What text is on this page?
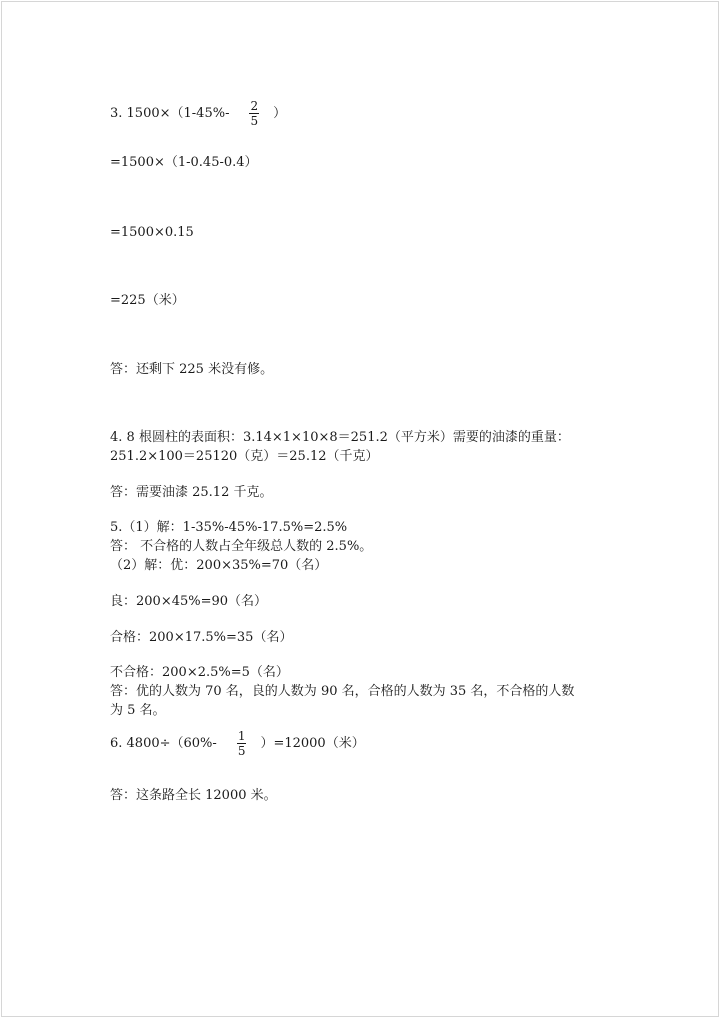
3. $1500\times(1-45\%- \frac{2}{5}$ ）
=1500×（1-0.45-0.4）
=1500×0.15
=225（米）
答：还剩下 225 米没有修。
4. 8 根圆柱的表面积：3.14×1×10×8＝251.2（平方米）需要的油漆的重量：
251.2×100＝25120（克）＝25.12（千克）
答：需要油漆 25.12 千克。
5.（1）解：1-35%-45%-17.5%=2.5%
答： 不合格的人数占全年级总人数的 2.5%。
（2）解：优：200×35%=70（名）
良：200×45%=90（名）
合格：200×17.5%=35（名）
不合格：200×2.5%=5（名）
答：优的人数为 70 名，良的人数为 90 名，合格的人数为 35 名，不合格的人数
为 5 名。
6. $4800\div(60\%- \frac{1}{5} )=12000$（米）
答：这条路全长 12000 米。
